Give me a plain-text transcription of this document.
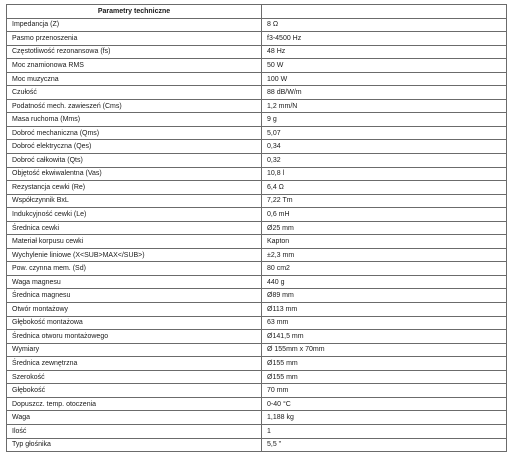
Parametry techniczne	
Impedancja (Z)	8 Ω
Pasmo przenoszenia	f3-4500 Hz
Częstotliwość rezonansowa (fs)	48 Hz
Moc znamionowa RMS	50 W
Moc muzyczna	100 W
Czułość	88 dB/W/m
Podatność mech. zawieszeń (Cms)	1,2 mm/N
Masa ruchoma (Mms)	9 g
Dobroć mechaniczna (Qms)	5,07
Dobroć elektryczna (Qes)	0,34
Dobroć całkowita (Qts)	0,32
Objętość ekwiwalentna (Vas)	10,8 l
Rezystancja cewki (Re)	6,4 Ω
Współczynnik BxL	7,22 Tm
Indukcyjność cewki (Le)	0,6 mH
Średnica cewki	Ø25 mm
Materiał korpusu cewki	Kapton
Wychylenie liniowe (X<SUB>MAX</SUB>)	±2,3 mm
Pow. czynna mem. (Sd)	80 cm2
Waga magnesu	440 g
Średnica magnesu	Ø89 mm
Otwór montażowy	Ø113 mm
Głębokość montażowa	63 mm
Średnica otworu montażowego	Ø141,5 mm
Wymiary	Ø 155mm x 70mm
Średnica zewnętrzna	Ø155 mm
Szerokość	Ø155 mm
Głębokość	70 mm
Dopuszcz. temp. otoczenia	0-40 °C
Waga	1,188 kg
Ilość	1
Typ głośnika	5,5 "
